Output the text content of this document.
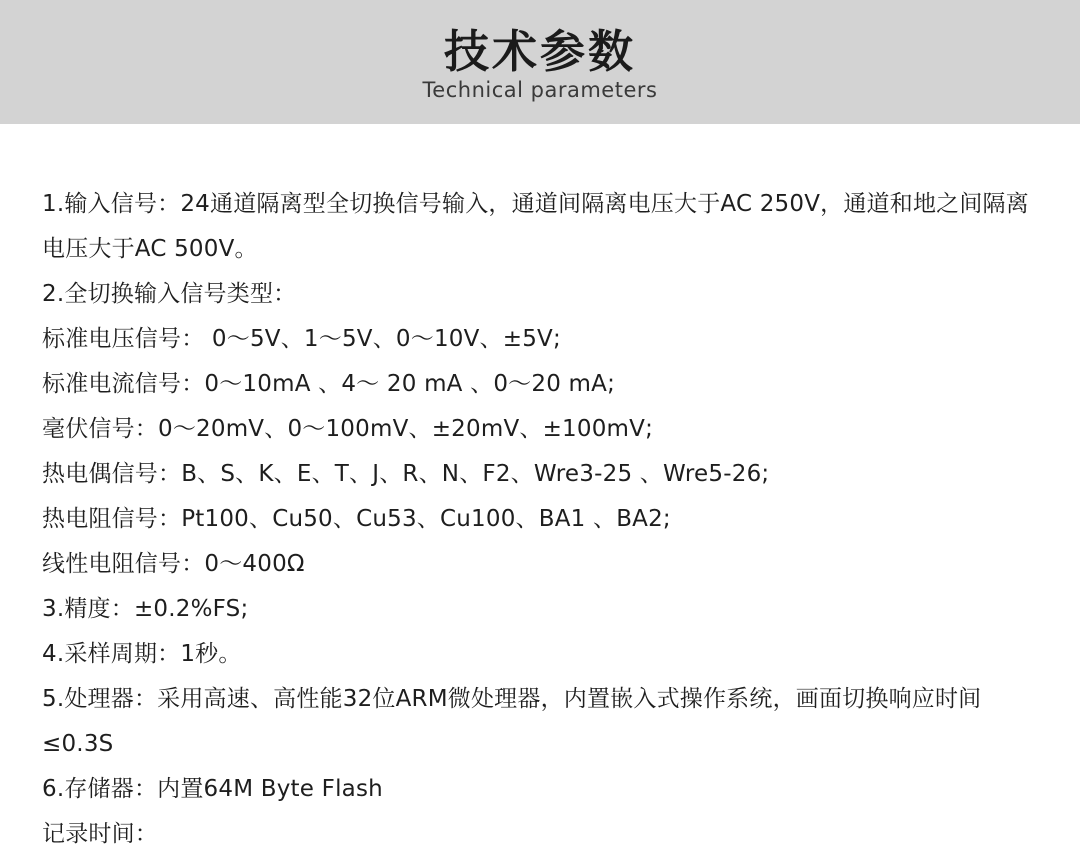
技术参数
Technical parameters
1.输入信号：24通道隔离型全切换信号输入，通道间隔离电压大于AC 250V，通道和地之间隔离电压大于AC 500V。
2.全切换输入信号类型：
标准电压信号： 0～5V、1～5V、0～10V、±5V;
标准电流信号：0～10mA 、4～ 20 mA 、0～20 mA;
毫伏信号：0～20mV、0～100mV、±20mV、±100mV;
热电偶信号：B、S、K、E、T、J、R、N、F2、Wre3-25 、Wre5-26;
热电阻信号：Pt100、Cu50、Cu53、Cu100、BA1 、BA2;
线性电阻信号：0～400Ω
3.精度：±0.2%FS;
4.采样周期：1秒。
5.处理器：采用高速、高性能32位ARM微处理器，内置嵌入式操作系统，画面切换响应时间≤0.3S
6.存储器：内置64M Byte Flash
记录时间：
